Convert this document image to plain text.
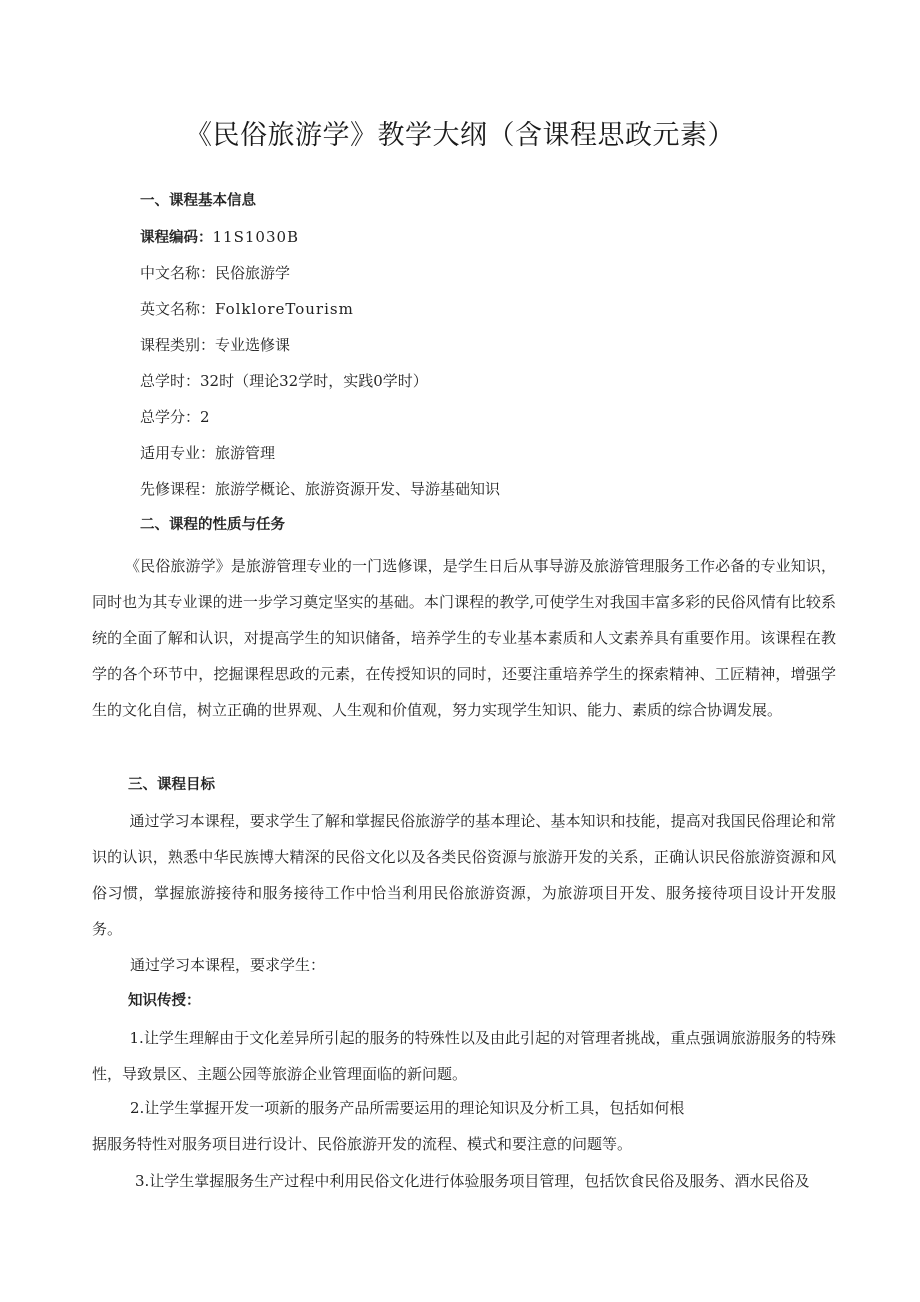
《民俗旅游学》教学大纲（含课程思政元素）
一、课程基本信息
课程编码：11S1030B
中文名称：民俗旅游学
英文名称：FolkloreTourism
课程类别：专业选修课
总学时：32时（理论32学时，实践0学时）
总学分：2
适用专业：旅游管理
先修课程：旅游学概论、旅游资源开发、导游基础知识
二、课程的性质与任务

《民俗旅游学》是旅游管理专业的一门选修课，是学生日后从事导游及旅游管理服务工作必备的专业知识，同时也为其专业课的进一步学习奠定坚实的基础。本门课程的教学,可使学生对我国丰富多彩的民俗风情有比较系统的全面了解和认识，对提高学生的知识储备，培养学生的专业基本素质和人文素养具有重要作用。该课程在教学的各个环节中，挖掘课程思政的元素，在传授知识的同时，还要注重培养学生的探索精神、工匠精神，增强学生的文化自信，树立正确的世界观、人生观和价值观，努力实现学生知识、能力、素质的综合协调发展。

三、课程目标

通过学习本课程，要求学生了解和掌握民俗旅游学的基本理论、基本知识和技能，提高对我国民俗理论和常识的认识，熟悉中华民族博大精深的民俗文化以及各类民俗资源与旅游开发的关系，正确认识民俗旅游资源和风俗习惯，掌握旅游接待和服务接待工作中恰当利用民俗旅游资源，为旅游项目开发、服务接待项目设计开发服务。

通过学习本课程，要求学生：
知识传授：

1.让学生理解由于文化差异所引起的服务的特殊性以及由此引起的对管理者挑战，重点强调旅游服务的特殊性，导致景区、主题公园等旅游企业管理面临的新问题。

2.让学生掌握开发一项新的服务产品所需要运用的理论知识及分析工具，包括如何根
据服务特性对服务项目进行设计、民俗旅游开发的流程、模式和要注意的问题等。
3.让学生掌握服务生产过程中利用民俗文化进行体验服务项目管理，包括饮食民俗及服务、酒水民俗及
